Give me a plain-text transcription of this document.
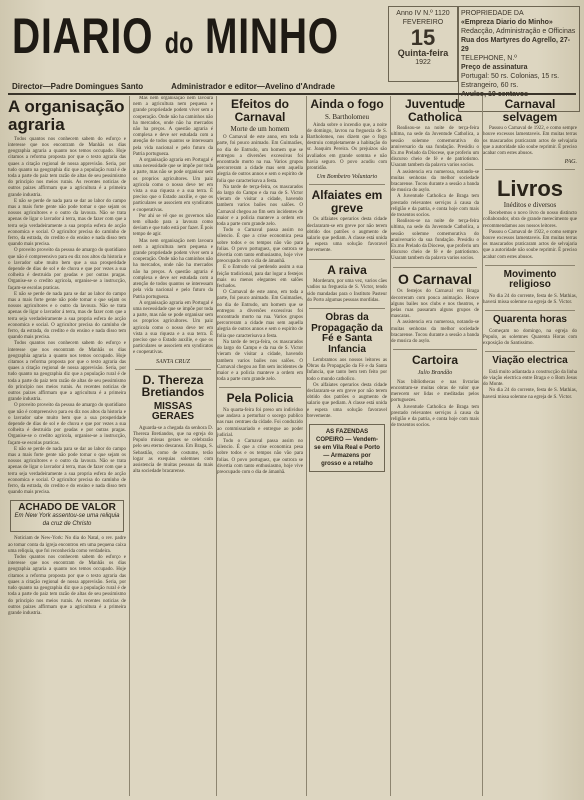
DIARIO do MINHO	Anno IV N.º 1120
FEVEREIRO
15
Quinta-feira
1922
PROPRIEDADE DA
«Empreza Diario do Minho»
Redacção, Administração e Officinas
Rua dos Martyres do Agrello, 27-29
TELEPHONE, N.º
Preço de assinatura
Portugal: 50 rs. Colonias, 15 rs.
Estrangeiro, 60 rs.
Avulso, 10 centavos
Director—Padre Domingues Santo	Administrador e editor—Avelino d'Andrade
A organisação agraria

Todos quantos nos conhecem sabem do esforço e interesse que nos encontram de Manhãs os dias geographia agraria a quanto nos temos occupado. Hoje citamos a reforma proposta por que o texto agraria das quaes a citação regional de nossa apprevisão. Seria, por tudo quanto na geographia diz que a população rural é de toda a parte do paiz tem razão de altas de seu pessimismo do principio nos meios rurais. As recentes noticias de outros paizes affirmam que a agricultura é a primeira grande industria.

E não se perde de nada para se dar ao labor do campo mas a mais forte gente não pode tornar o que sejam os nossos agricultores e o outro da lavoura. Não se trata apenas de ligar o lavrador á terra, mas de fazer com que a terra seja verdadeiramente a sua propria esfera de acção economica e social. O agricultor precisa do caminho de ferro, da estrada, do credito e do ensino e nada disso tem quando mais precisa.

O proveito proveito da pessoa de amargo do quotidiano que não é compreensivo para eu diz nos altos da historia e o lavrador sabe muito bem que a sua prosperidade depende de dias de sol e de chuva e que por vezes a sua colheita é destruida por geadas e por outras pragas. Organise-se o credito agricola, organise-se a instrucção, façam-se escolas praticas.

E não se perde de nada para se dar ao labor do campo mas a mais forte gente não pode tornar o que sejam os nossos agricultores e o outro da lavoura. Não se trata apenas de ligar o lavrador á terra, mas de fazer com que a terra seja verdadeiramente a sua propria esfera de acção economica e social. O agricultor precisa do caminho de ferro, da estrada, do credito e do ensino e nada disso tem quando mais precisa.

Todos quantos nos conhecem sabem do esforço e interesse que nos encontram de Manhãs os dias geographia agraria a quanto nos temos occupado. Hoje citamos a reforma proposta por que o texto agraria das quaes a citação regional de nossa apprevisão. Seria, por tudo quanto na geographia diz que a população rural é de toda a parte do paiz tem razão de altas de seu pessimismo do principio nos meios rurais. As recentes noticias de outros paizes affirmam que a agricultura é a primeira grande industria.

O proveito proveito da pessoa de amargo do quotidiano que não é compreensivo para eu diz nos altos da historia e o lavrador sabe muito bem que a sua prosperidade depende de dias de sol e de chuva e que por vezes a sua colheita é destruida por geadas e por outras pragas. Organise-se o credito agricola, organise-se a instrucção, façam-se escolas praticas.

E não se perde de nada para se dar ao labor do campo mas a mais forte gente não pode tornar o que sejam os nossos agricultores e o outro da lavoura. Não se trata apenas de ligar o lavrador á terra, mas de fazer com que a terra seja verdadeiramente a sua propria esfera de acção economica e social. O agricultor precisa do caminho de ferro, da estrada, do credito e do ensino e nada disso tem quando mais precisa.

ACHADO DE VALOR
Em New York assentou-se uma reliquia da cruz de Christo

Noticiam de New-York: No dia do Natal, o rev. padre ao tomar conta da igreja encontrou em uma pequena caixa uma reliquia, que foi reconhecida como verdadeira.

Todos quantos nos conhecem sabem do esforço e interesse que nos encontram de Manhãs os dias geographia agraria a quanto nos temos occupado. Hoje citamos a reforma proposta por que o texto agraria das quaes a citação regional de nossa apprevisão. Seria, por tudo quanto na geographia diz que a população rural é de toda a parte do paiz tem razão de altas de seu pessimismo do principio nos meios rurais. As recentes noticias de outros paizes affirmam que a agricultura é a primeira grande industria.

Mas nem organisação nem lavoura nem a agricultura nem pequena e grande propriedade podem viver sem a cooperação. Onde não ha caminhos não ha mercados, onde não ha mercados não ha preços. A questão agraria é complexa e deve ser estudada com a atenção de todos quantos se interessam pela vida nacional e pelo futuro da Patria portugueza.

A organisação agraria em Portugal é uma necessidade que se impõe por toda a parte, mas não se pode organisar sem os proprios agricultores. Um paiz agricola como o nosso deve ter em vista a sua riqueza e a sua terra. É preciso que o Estado auxilie, e que os particulares se associem em syndicatos e cooperativas.

Por ahi se vê que os governos não tem olhado para a lavoura como deviam e que tudo está por fazer. É pois tempo de agir.

Mas nem organisação nem lavoura nem a agricultura nem pequena e grande propriedade podem viver sem a cooperação. Onde não ha caminhos não ha mercados, onde não ha mercados não ha preços. A questão agraria é complexa e deve ser estudada com a atenção de todos quantos se interessam pela vida nacional e pelo futuro da Patria portugueza.

A organisação agraria em Portugal é uma necessidade que se impõe por toda a parte, mas não se pode organisar sem os proprios agricultores. Um paiz agricola como o nosso deve ter em vista a sua riqueza e a sua terra. É preciso que o Estado auxilie, e que os particulares se associem em syndicatos e cooperativas.

SANTA CRUZ
D. Thereza Bretiandos
MISSAS GERAES

Aguarda-se a chegada da senhora D. Thereza Bretiandos, que na egreja do Populo missas geraes se celebrarão pelo seu eterno descanso. Em Braga, S. Sebastião, como de costume, terão logar as exequias solemnes com assistencia de muitas pessoas da mais alta sociedade bracarense.

Efeitos do Carnaval
Morte de um homem

O Carnaval de este anno, em toda a parte, foi pouco animado. Em Guimarães, no dia de Entrudo, um homem que se entregou a diversões excessivas foi encontrado morto na rua. Varios grupos percorreram a cidade mas sem aquella alegria de outros annos e sem o espirito de folia que caracterisava a festa.

Na tarde de terça-feira, os mascarados do largo do Campo e da rua de S. Victor vieram de visitar a cidade, havendo tambem varios bailes nos salões. O Carnaval chegou ao fim sem incidentes de maior e a policia manteve a ordem em toda a parte com grande zelo.

Todo o Carnaval passa assim no silencio. É que a crise economica pesa sobre todos e os tempos não vão para folias. O povo portuguez, que outrora se divertia com tanto enthusiasmo, hoje vive preocupado com o dia de ámanhã.

E o Entrudo vai perdendo assim a sua feição tradicional, para dar logar a festejos mais ou menos elegantes em salões fechados.

O Carnaval de este anno, em toda a parte, foi pouco animado. Em Guimarães, no dia de Entrudo, um homem que se entregou a diversões excessivas foi encontrado morto na rua. Varios grupos percorreram a cidade mas sem aquella alegria de outros annos e sem o espirito de folia que caracterisava a festa.

Na tarde de terça-feira, os mascarados do largo do Campo e da rua de S. Victor vieram de visitar a cidade, havendo tambem varios bailes nos salões. O Carnaval chegou ao fim sem incidentes de maior e a policia manteve a ordem em toda a parte com grande zelo.

Pela Policia

Na quarta-feira foi preso um individuo que andava a perturbar o socego publico nas ruas centraes da cidade. Foi conduzido ao commissariado e entregue ao poder judicial.

Todo o Carnaval passa assim no silencio. É que a crise economica pesa sobre todos e os tempos não vão para folias. O povo portuguez, que outrora se divertia com tanto enthusiasmo, hoje vive preocupado com o dia de ámanhã.

Ainda o fogo
S. Bartholomeu

Ainda sobre o incendio que, a noite de domingo, lavrou na freguezia de S. Bartholomeu, nos dizem que o fogo destruiu completamente a habitação do sr. Joaquim Pereira. Os prejuizos são avaliados em grande somma e não havia seguro. O povo acudiu com prontidão.

Um Bombeiro Voluntario
Alfaiates em greve

Os alfaiates operarios desta cidade declararam-se em greve por não terem obtido dos patrões o augmento de salario que pediam. A classe está unida e espera uma solução favoravel brevemente.

A raiva

Morderam, por uma vez, varios cães vadios na freguezia de S. Victor, tendo sido mandadas para o Instituto Pasteur do Porto algumas pessoas mordidas.

Obras da Propagação da Fé e Santa Infancia

Lembramos aos nossos leitores as Obras da Propagação da Fé e da Santa Infancia, que tanto bem tem feito por todo o mundo catholico.

Os alfaiates operarios desta cidade declararam-se em greve por não terem obtido dos patrões o augmento de salario que pediam. A classe está unida e espera uma solução favoravel brevemente.

AS FAZENDAS COPEIRO — Vendem-se em Vila Real e Porto — Armazens por grosso e a retalho
Juventude Catholica

Realisou-se na noite de terça-feira ultima, na sede da Juventude Catholica, a sessão solemne comemorativa do anniversario da sua fundação. Presidiu o Ex.mo Prelado da Diocese, que proferiu um discurso cheio de fé e de patriotismo. Usaram tambem da palavra varios socios.

A assistencia era numerosa, notando-se muitas senhoras da melhor sociedade bracarense. Tocou durante a sessão a banda de musica do asylo.

A Juventude Catholica de Braga tem prestado relevantes serviços á causa da religião e da patria, e conta hoje com mais de trezentos socios.

Realisou-se na noite de terça-feira ultima, na sede da Juventude Catholica, a sessão solemne comemorativa do anniversario da sua fundação. Presidiu o Ex.mo Prelado da Diocese, que proferiu um discurso cheio de fé e de patriotismo. Usaram tambem da palavra varios socios.

O Carnaval

Os festejos do Carnaval em Braga decorreram com pouca animação. Houve alguns bailes nos clubs e nos theatros, e pelas ruas passaram alguns grupos de mascaras.

A assistencia era numerosa, notando-se muitas senhoras da melhor sociedade bracarense. Tocou durante a sessão a banda de musica do asylo.

Cartoira
Julio Brandão

Nas bibliothecas e nas livrarias encontram-se muitas obras de valor que merecem ser lidas e meditadas pelos portuguezes.

A Juventude Catholica de Braga tem prestado relevantes serviços á causa da religião e da patria, e conta hoje com mais de trezentos socios.

Carnaval selvagem

Passou o Carnaval de 1922, e como sempre houve excessos lamentaveis. Em muitas terras os mascarados praticaram actos de selvajaria que a autoridade não soube reprimir. É preciso acabar com estes abusos.

PAG.
Livros
Inéditos e diversos

Recebemos o novo livro do nosso distincto collaborador, obra de grande merecimento que recommendamos aos nossos leitores.

Passou o Carnaval de 1922, e como sempre houve excessos lamentaveis. Em muitas terras os mascarados praticaram actos de selvajaria que a autoridade não soube reprimir. É preciso acabar com estes abusos.

Movimento religioso

No dia 24 do corrente, festa de S. Mathias, haverá missa solemne na egreja de S. Victor.

Quarenta horas

Começam no domingo, na egreja do Populo, as solemnes Quarenta Horas com exposição do Santissimo.

Viação electrica

Está muito adiantada a construcção da linha de viação electrica entre Braga e o Bom Jesus do Monte.

No dia 24 do corrente, festa de S. Mathias, haverá missa solemne na egreja de S. Victor.
